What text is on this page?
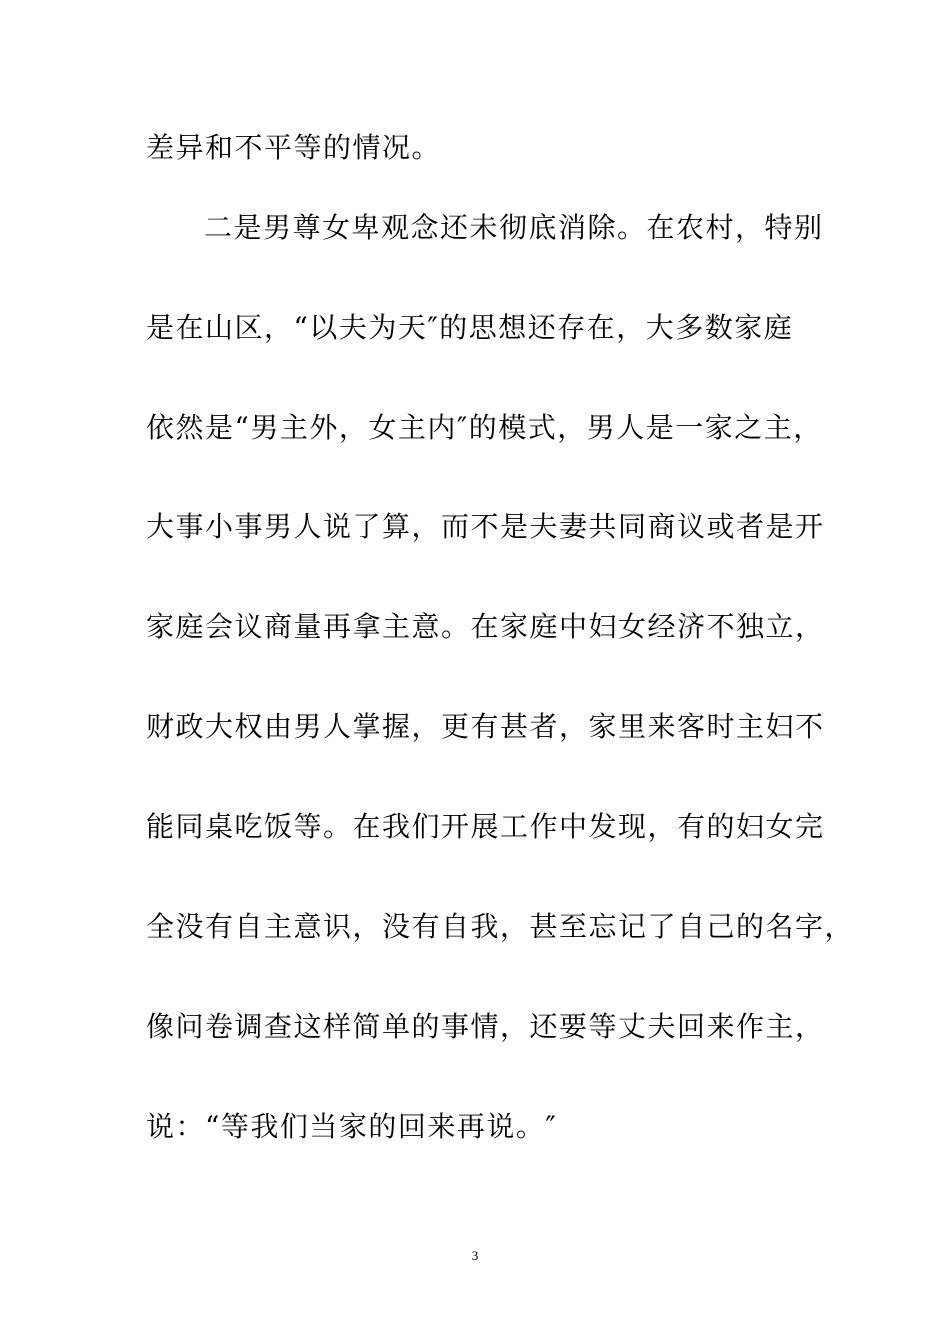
差异和不平等的情况。
二是男尊女卑观念还未彻底消除。在农村，特别
是在山区，“以夫为天″的思想还存在，大多数家庭
依然是“男主外，女主内″的模式，男人是一家之主，
大事小事男人说了算，而不是夫妻共同商议或者是开
家庭会议商量再拿主意。在家庭中妇女经济不独立，
财政大权由男人掌握，更有甚者，家里来客时主妇不
能同桌吃饭等。在我们开展工作中发现，有的妇女完
全没有自主意识，没有自我，甚至忘记了自己的名字，
像问卷调查这样简单的事情，还要等丈夫回来作主，
说：“等我们当家的回来再说。″
3
